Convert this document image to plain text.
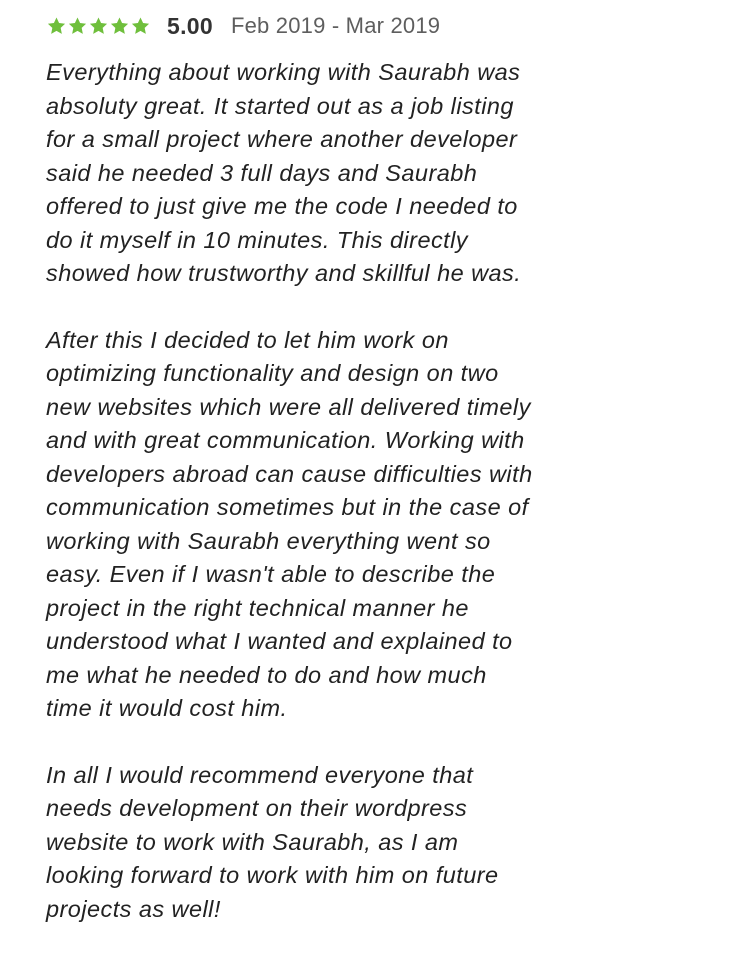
5.00 Feb 2019 - Mar 2019
Everything about working with Saurabh was
absoluty great. It started out as a job listing
for a small project where another developer
said he needed 3 full days and Saurabh
offered to just give me the code I needed to
do it myself in 10 minutes. This directly
showed how trustworthy and skillful he was.
After this I decided to let him work on
optimizing functionality and design on two
new websites which were all delivered timely
and with great communication. Working with
developers abroad can cause difficulties with
communication sometimes but in the case of
working with Saurabh everything went so
easy. Even if I wasn't able to describe the
project in the right technical manner he
understood what I wanted and explained to
me what he needed to do and how much
time it would cost him.
In all I would recommend everyone that
needs development on their wordpress
website to work with Saurabh, as I am
looking forward to work with him on future
projects as well!
